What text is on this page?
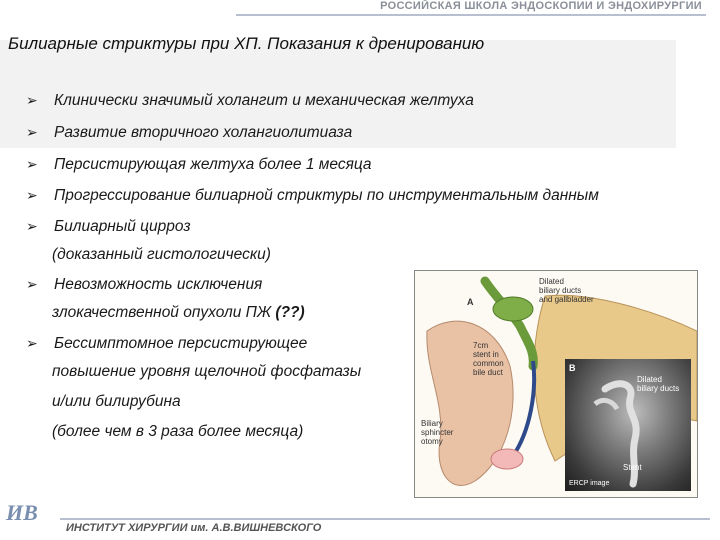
РОССИЙСКАЯ ШКОЛА ЭНДОСКОПИИ И ЭНДОХИРУРГИИ
Билиарные стриктуры при ХП. Показания к дренированию
➢ Клинически значимый холангит и механическая желтуха
➢ Развитие вторичного холангиолитиаза
➢ Персистирующая желтуха более 1 месяца
➢ Прогрессирование билиарной стриктуры по инструментальным данным
➢ Билиарный цирроз
(доказанный гистологически)
➢ Невозможность исключения
злокачественной опухоли ПЖ (??)
➢ Бессимптомное персистирующее
повышение уровня щелочной фосфатазы
и/или билирубина
(более чем в 3 раза более месяца)
A
Dilated
biliary ducts
and gallbladder
7cm
stent in
common
bile duct
Biliary
sphincter
otomy
B
Dilated
biliary ducts
Stent
ERCP image
ИВ
ИНСТИТУТ ХИРУРГИИ им. А.В.ВИШНЕВСКОГО
